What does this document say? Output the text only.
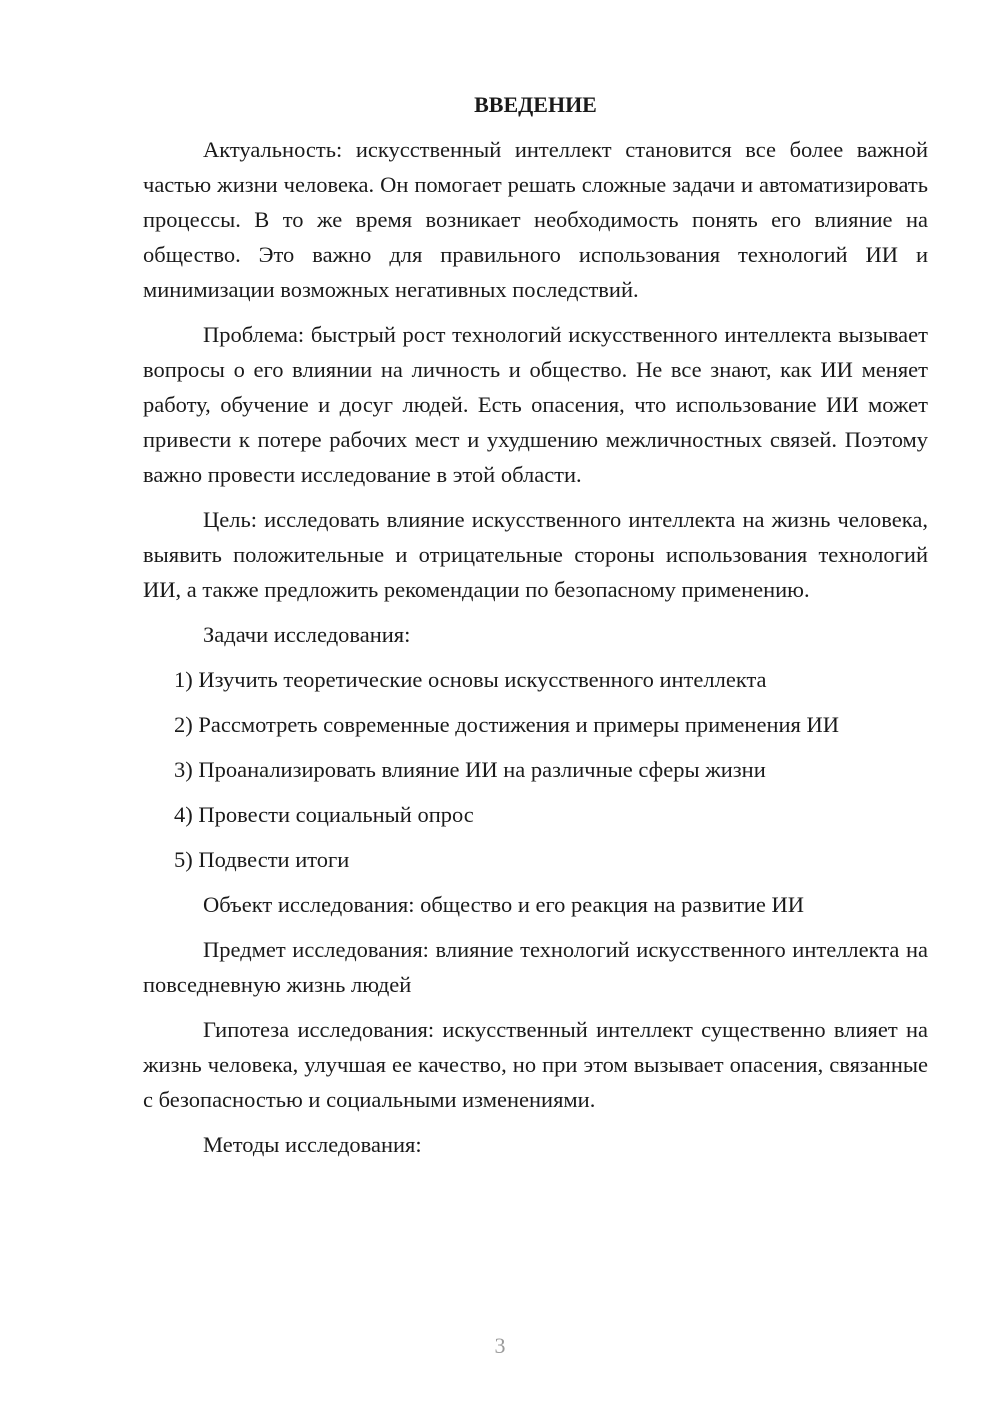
ВВЕДЕНИЕ

Актуальность: искусственный интеллект становится все более важной частью жизни человека. Он помогает решать сложные задачи и автоматизировать процессы. В то же время возникает необходимость понять его влияние на общество. Это важно для правильного использования технологий ИИ и минимизации возможных негативных последствий.

Проблема: быстрый рост технологий искусственного интеллекта вызывает вопросы о его влиянии на личность и общество. Не все знают, как ИИ меняет работу, обучение и досуг людей. Есть опасения, что использование ИИ может привести к потере рабочих мест и ухудшению межличностных связей. Поэтому важно провести исследование в этой области.

Цель: исследовать влияние искусственного интеллекта на жизнь человека, выявить положительные и отрицательные стороны использования технологий ИИ, а также предложить рекомендации по безопасному применению.

Задачи исследования:

1) Изучить теоретические основы искусственного интеллекта
2) Рассмотреть современные достижения и примеры применения ИИ
3) Проанализировать влияние ИИ на различные сферы жизни
4) Провести социальный опрос
5) Подвести итоги

Объект исследования: общество и его реакция на развитие ИИ

Предмет исследования: влияние технологий искусственного интеллекта на повседневную жизнь людей

Гипотеза исследования: искусственный интеллект существенно влияет на жизнь человека, улучшая ее качество, но при этом вызывает опасения, связанные с безопасностью и социальными изменениями.

Методы исследования:

3
